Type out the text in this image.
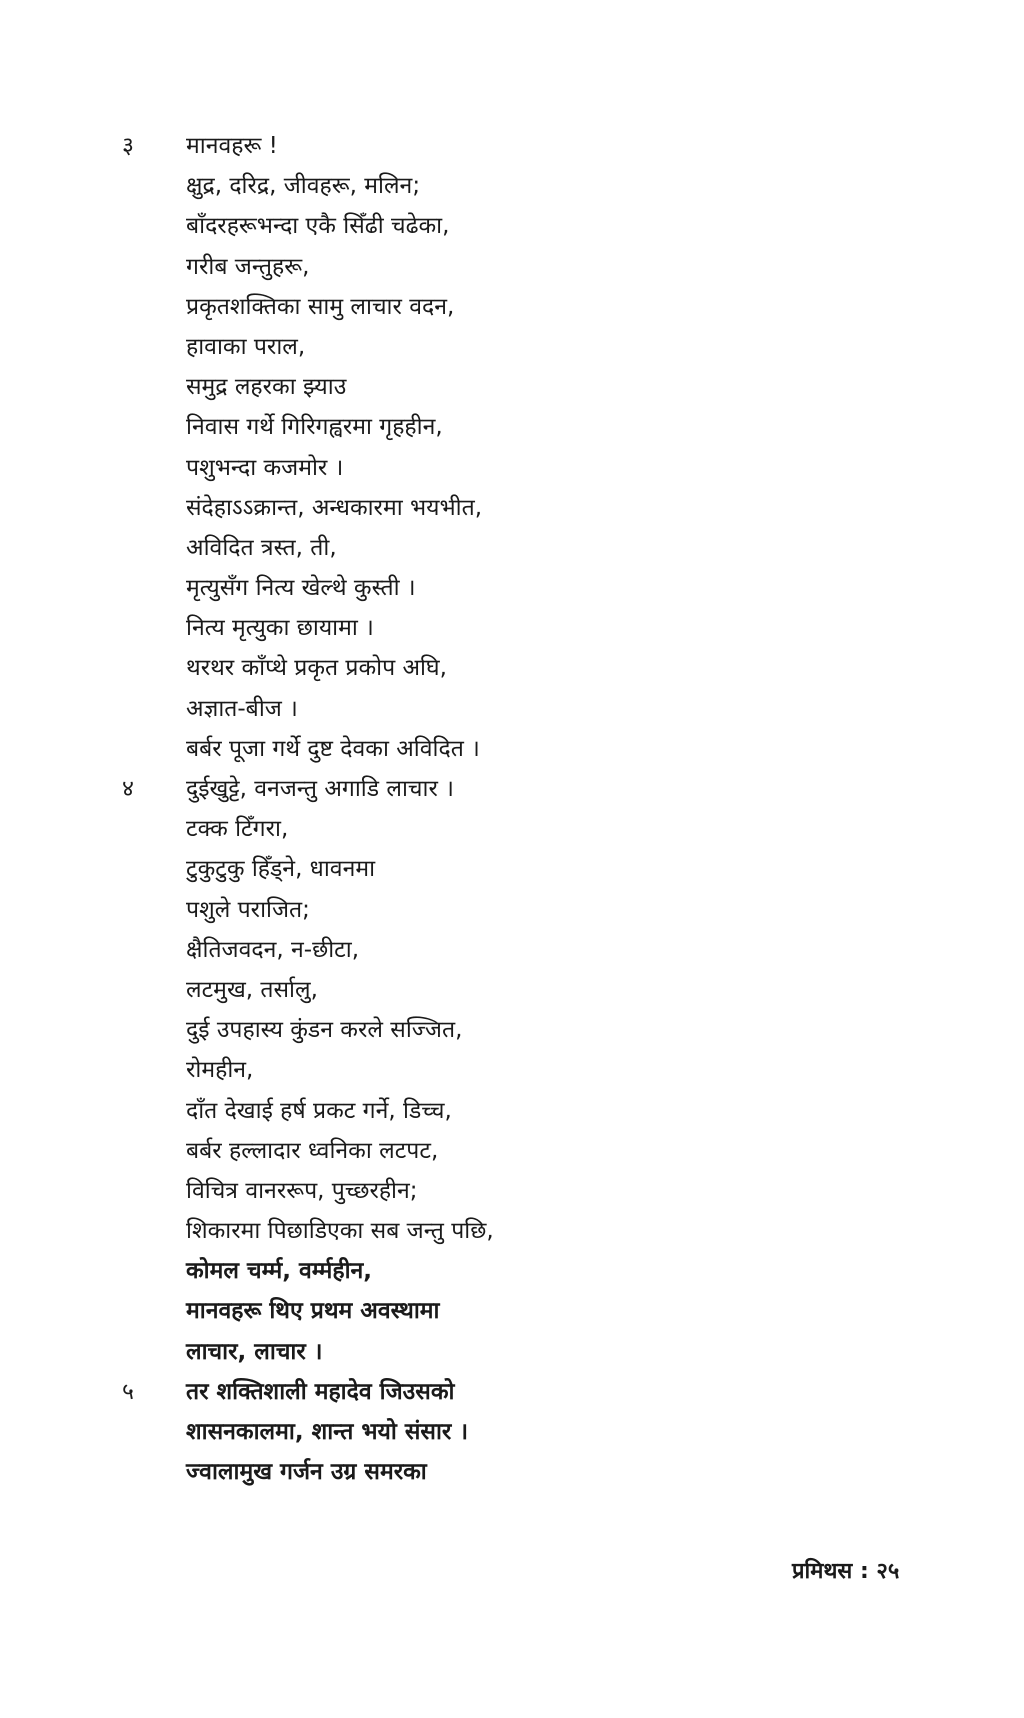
३	मानवहरू !
क्षुद्र, दरिद्र, जीवहरू, मलिन;
बाँदरहरूभन्दा एकै सिँढी चढेका,
गरीब जन्तुहरू,
प्रकृतशक्तिका सामु लाचार वदन,
हावाका पराल,
समुद्र लहरका झ्याउ
निवास गर्थे गिरिगह्वरमा गृहहीन,
पशुभन्दा कजमोर ।
संदेहाऽऽक्रान्त, अन्धकारमा भयभीत,
अविदित त्रस्त, ती,
मृत्युसँग नित्य खेल्थे कुस्ती ।
नित्य मृत्युका छायामा ।
थरथर काँप्थे प्रकृत प्रकोप अघि,
अज्ञात-बीज ।
बर्बर पूजा गर्थे दुष्ट देवका अविदित ।
४	दुईखुट्टे, वनजन्तु अगाडि लाचार ।
टक्क टिँगरा,
टुकुटुकु हिँड्ने, धावनमा
पशुले पराजित;
क्षैतिजवदन, न-छीटा,
लटमुख, तर्सालु,
दुई उपहास्य कुंडन करले सज्जित,
रोमहीन,
दाँत देखाई हर्ष प्रकट गर्ने, डिच्च,
बर्बर हल्लादार ध्वनिका लटपट,
विचित्र वानररूप, पुच्छरहीन;
शिकारमा पिछाडिएका सब जन्तु पछि,
कोमल चर्म्म, वर्म्महीन,
मानवहरू थिए प्रथम अवस्थामा
लाचार, लाचार ।
५	तर शक्तिशाली महादेव जिउसको
शासनकालमा, शान्त भयो संसार ।
ज्वालामुख गर्जन उग्र समरका
प्रमिथस : २५
